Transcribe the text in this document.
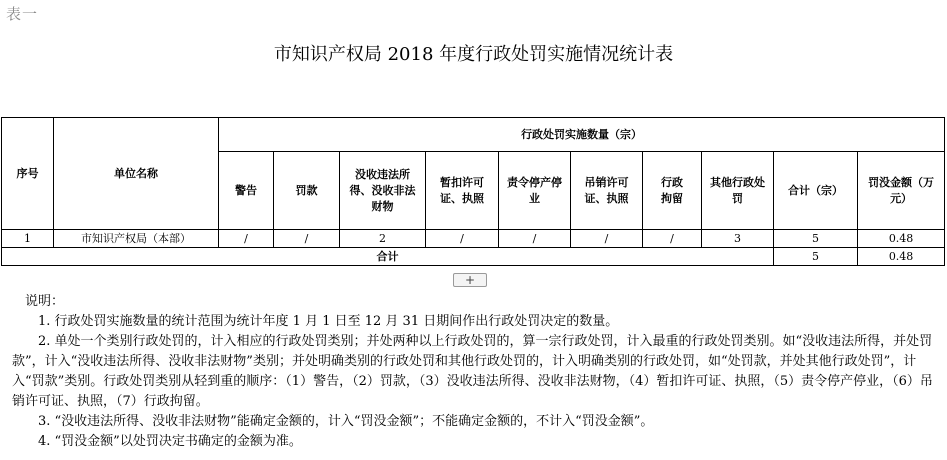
表一
市知识产权局 2018 年度行政处罚实施情况统计表
序号	单位名称	行政处罚实施数量（宗）									
		警告	罚款	没收违法所得、没收非法财物	暂扣许可证、执照	责令停产停业	吊销许可证、执照	行政拘留	其他行政处罚	合计（宗）	罚没金额（万元）
1	市知识产权局（本部）	/	/	2	/	/	/	/	3	5	0.48
合计										5	0.48
+

说明：

1. 行政处罚实施数量的统计范围为统计年度 1 月 1 日至 12 月 31 日期间作出行政处罚决定的数量。

2. 单处一个类别行政处罚的，计入相应的行政处罚类别；并处两种以上行政处罚的，算一宗行政处罚，计入最重的行政处罚类别。如“没收违法所得，并处罚款”，计入“没收违法所得、没收非法财物”类别；并处明确类别的行政处罚和其他行政处罚的，计入明确类别的行政处罚，如“处罚款，并处其他行政处罚”，计入“罚款”类别。行政处罚类别从轻到重的顺序：（1）警告，（2）罚款，（3）没收违法所得、没收非法财物，（4）暂扣许可证、执照，（5）责令停产停业，（6）吊销许可证、执照，（7）行政拘留。

3. “没收违法所得、没收非法财物”能确定金额的，计入“罚没金额”；不能确定金额的，不计入“罚没金额”。

4. “罚没金额”以处罚决定书确定的金额为准。
